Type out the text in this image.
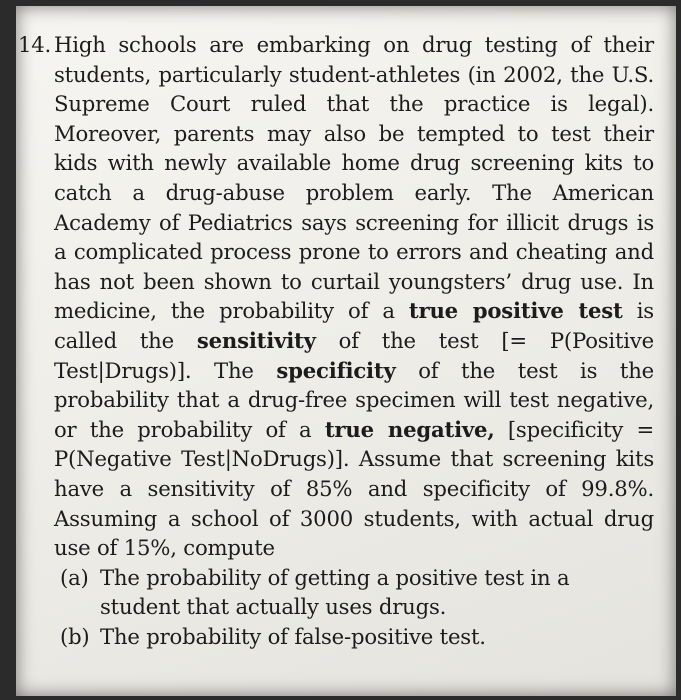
14. High schools are embarking on drug testing of their students, particularly student-athletes (in 2002, the U.S. Supreme Court ruled that the practice is legal). Moreover, parents may also be tempted to test their kids with newly available home drug screening kits to catch a drug-abuse problem early. The American Academy of Pediatrics says screening for illicit drugs is a complicated process prone to errors and cheating and has not been shown to curtail youngsters’ drug use. In medicine, the probability of a true positive test is called the sensitivity of the test [= P(Positive Test|Drugs)]. The specificity of the test is the probability that a drug-free specimen will test negative, or the probability of a true negative, [specificity = P(Negative Test|NoDrugs)]. Assume that screening kits have a sensitivity of 85% and specificity of 99.8%. Assuming a school of 3000 students, with actual drug use of 15%, compute
(a) The probability of getting a positive test in a student that actually uses drugs.
(b) The probability of false-positive test.
